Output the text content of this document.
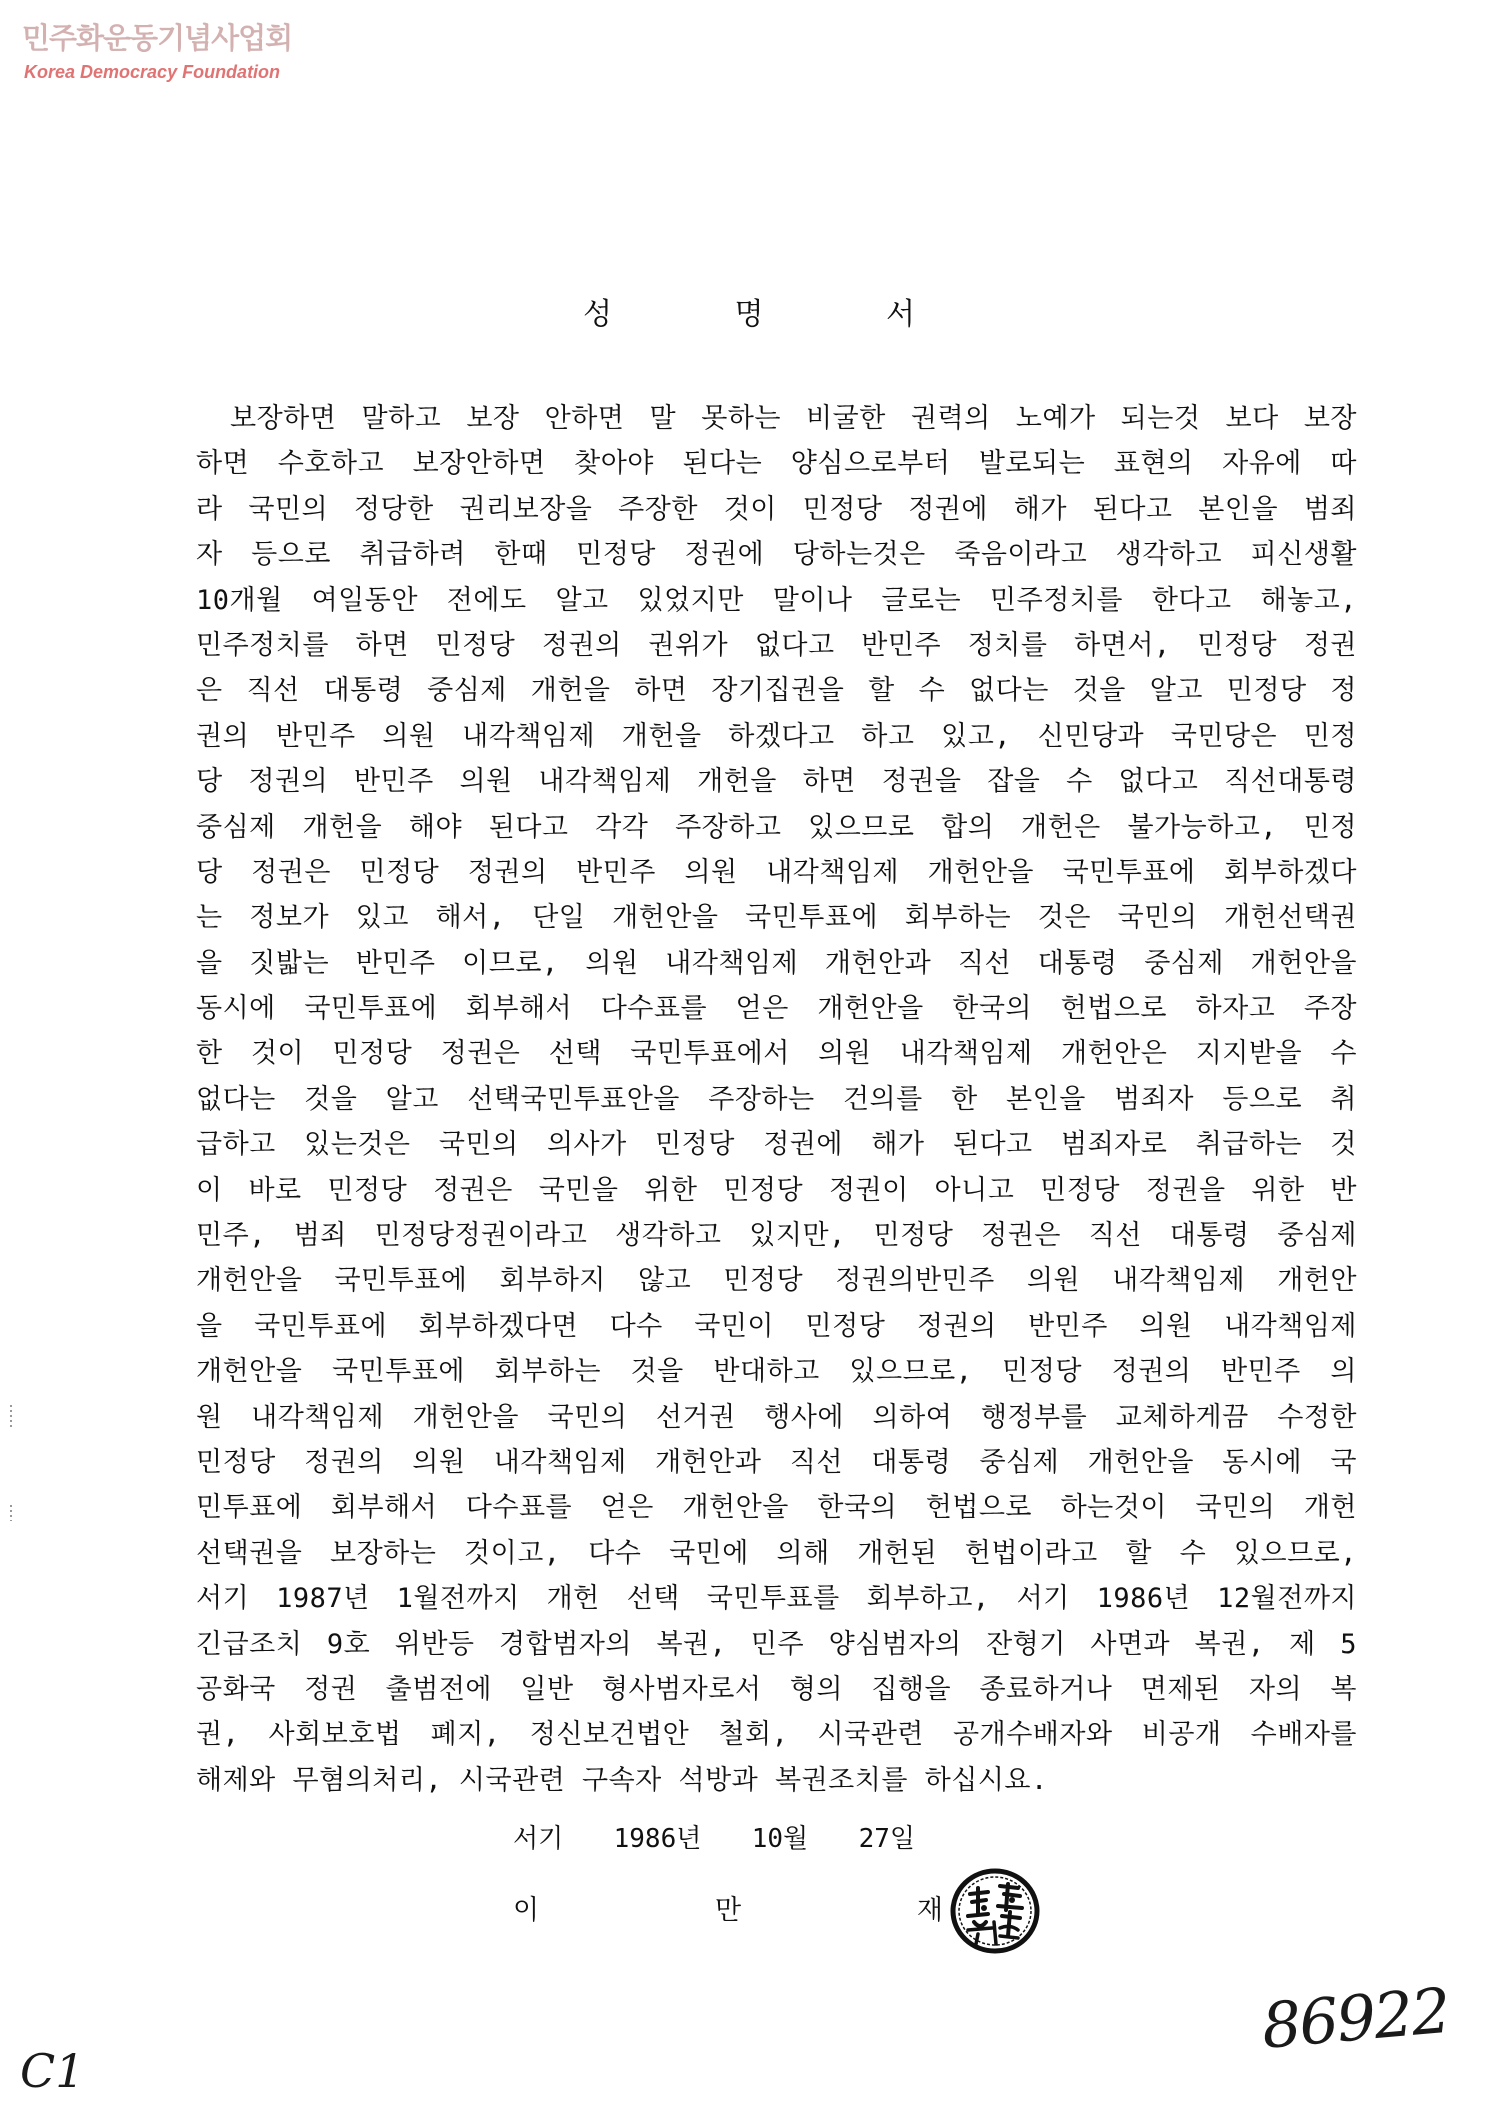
민주화운동기념사업회
Korea Democracy Foundation
성 명 서
보장하면 말하고 보장 안하면 말 못하는 비굴한 권력의 노예가 되는것 보다 보장
하면 수호하고 보장안하면 찾아야 된다는 양심으로부터 발로되는 표현의 자유에 따
라 국민의 정당한 권리보장을 주장한 것이 민정당 정권에 해가 된다고 본인을 범죄
자 등으로 취급하려 한때 민정당 정권에 당하는것은 죽음이라고 생각하고 피신생활
10개월 여일동안 전에도 알고 있었지만 말이나 글로는 민주정치를 한다고 해놓고,
민주정치를 하면 민정당 정권의 권위가 없다고 반민주 정치를 하면서, 민정당 정권
은 직선 대통령 중심제 개헌을 하면 장기집권을 할 수 없다는 것을 알고 민정당 정
권의 반민주 의원 내각책임제 개헌을 하겠다고 하고 있고, 신민당과 국민당은 민정
당 정권의 반민주 의원 내각책임제 개헌을 하면 정권을 잡을 수 없다고 직선대통령
중심제 개헌을 해야 된다고 각각 주장하고 있으므로 합의 개헌은 불가능하고, 민정
당 정권은 민정당 정권의 반민주 의원 내각책임제 개헌안을 국민투표에 회부하겠다
는 정보가 있고 해서, 단일 개헌안을 국민투표에 회부하는 것은 국민의 개헌선택권
을 짓밟는 반민주 이므로, 의원 내각책임제 개헌안과 직선 대통령 중심제 개헌안을
동시에 국민투표에 회부해서 다수표를 얻은 개헌안을 한국의 헌법으로 하자고 주장
한 것이 민정당 정권은 선택 국민투표에서 의원 내각책임제 개헌안은 지지받을 수
없다는 것을 알고 선택국민투표안을 주장하는 건의를 한 본인을 범죄자 등으로 취
급하고 있는것은 국민의 의사가 민정당 정권에 해가 된다고 범죄자로 취급하는 것
이 바로 민정당 정권은 국민을 위한 민정당 정권이 아니고 민정당 정권을 위한 반
민주, 범죄 민정당정권이라고 생각하고 있지만, 민정당 정권은 직선 대통령 중심제
개헌안을 국민투표에 회부하지 않고 민정당 정권의반민주 의원 내각책임제 개헌안
을 국민투표에 회부하겠다면 다수 국민이 민정당 정권의 반민주 의원 내각책임제
개헌안을 국민투표에 회부하는 것을 반대하고 있으므로, 민정당 정권의 반민주 의
원 내각책임제 개헌안을 국민의 선거권 행사에 의하여 행정부를 교체하게끔 수정한
민정당 정권의 의원 내각책임제 개헌안과 직선 대통령 중심제 개헌안을 동시에 국
민투표에 회부해서 다수표를 얻은 개헌안을 한국의 헌법으로 하는것이 국민의 개헌
선택권을 보장하는 것이고, 다수 국민에 의해 개헌된 헌법이라고 할 수 있으므로,
서기 1987년 1월전까지 개헌 선택 국민투표를 회부하고, 서기 1986년 12월전까지
긴급조치 9호 위반등 경합범자의 복권, 민주 양심범자의 잔형기 사면과 복권, 제 5
공화국 정권 출범전에 일반 형사범자로서 형의 집행을 종료하거나 면제된 자의 복
권, 사회보호법 폐지, 정신보건법안 철회, 시국관련 공개수배자와 비공개 수배자를
해제와 무혐의처리, 시국관련 구속자 석방과 복권조치를 하십시요.
서기 1986년 10월 27일
이 만 재
86922
C1
